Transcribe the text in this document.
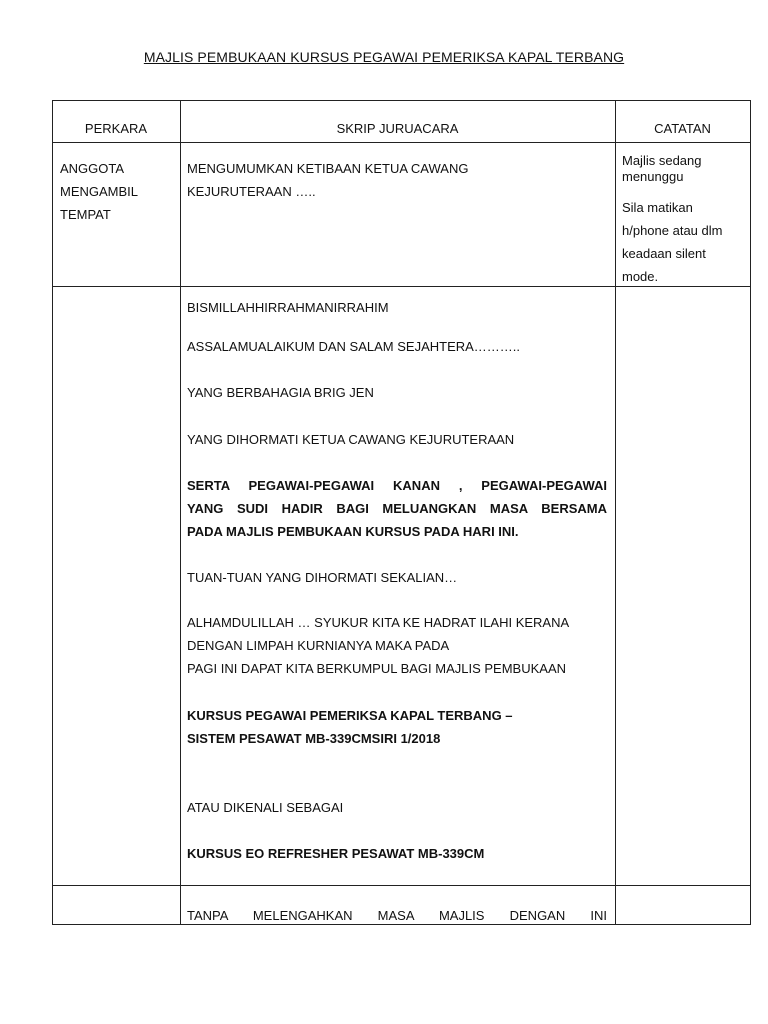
MAJLIS PEMBUKAAN KURSUS PEGAWAI PEMERIKSA KAPAL TERBANG
PERKARA	SKRIP JURUACARA	CATATAN
ANGGOTA
MENGAMBIL
TEMPAT
MENGUMUMKAN KETIBAAN KETUA CAWANG
KEJURUTERAAN …..
Majlis sedang
menunggu
Sila matikan
h/phone atau dlm
keadaan silent
mode.
BISMILLAHHIRRAHMANIRRAHIM
ASSALAMUALAIKUM DAN SALAM SEJAHTERA………..
YANG BERBAHAGIA BRIG JEN
YANG DIHORMATI KETUA CAWANG KEJURUTERAAN
SERTA PEGAWAI-PEGAWAI KANAN , PEGAWAI-PEGAWAI
YANG SUDI HADIR BAGI MELUANGKAN MASA BERSAMA
PADA MAJLIS PEMBUKAAN KURSUS PADA HARI INI.
TUAN-TUAN YANG DIHORMATI SEKALIAN…
ALHAMDULILLAH … SYUKUR KITA KE HADRAT ILAHI KERANA
DENGAN LIMPAH KURNIANYA MAKA PADA
PAGI INI DAPAT KITA BERKUMPUL BAGI MAJLIS PEMBUKAAN
KURSUS PEGAWAI PEMERIKSA KAPAL TERBANG –
SISTEM PESAWAT MB-339CMSIRI 1/2018
ATAU DIKENALI SEBAGAI
KURSUS EO REFRESHER PESAWAT MB-339CM
TANPA MELENGAHKAN MASA MAJLIS DENGAN INI
